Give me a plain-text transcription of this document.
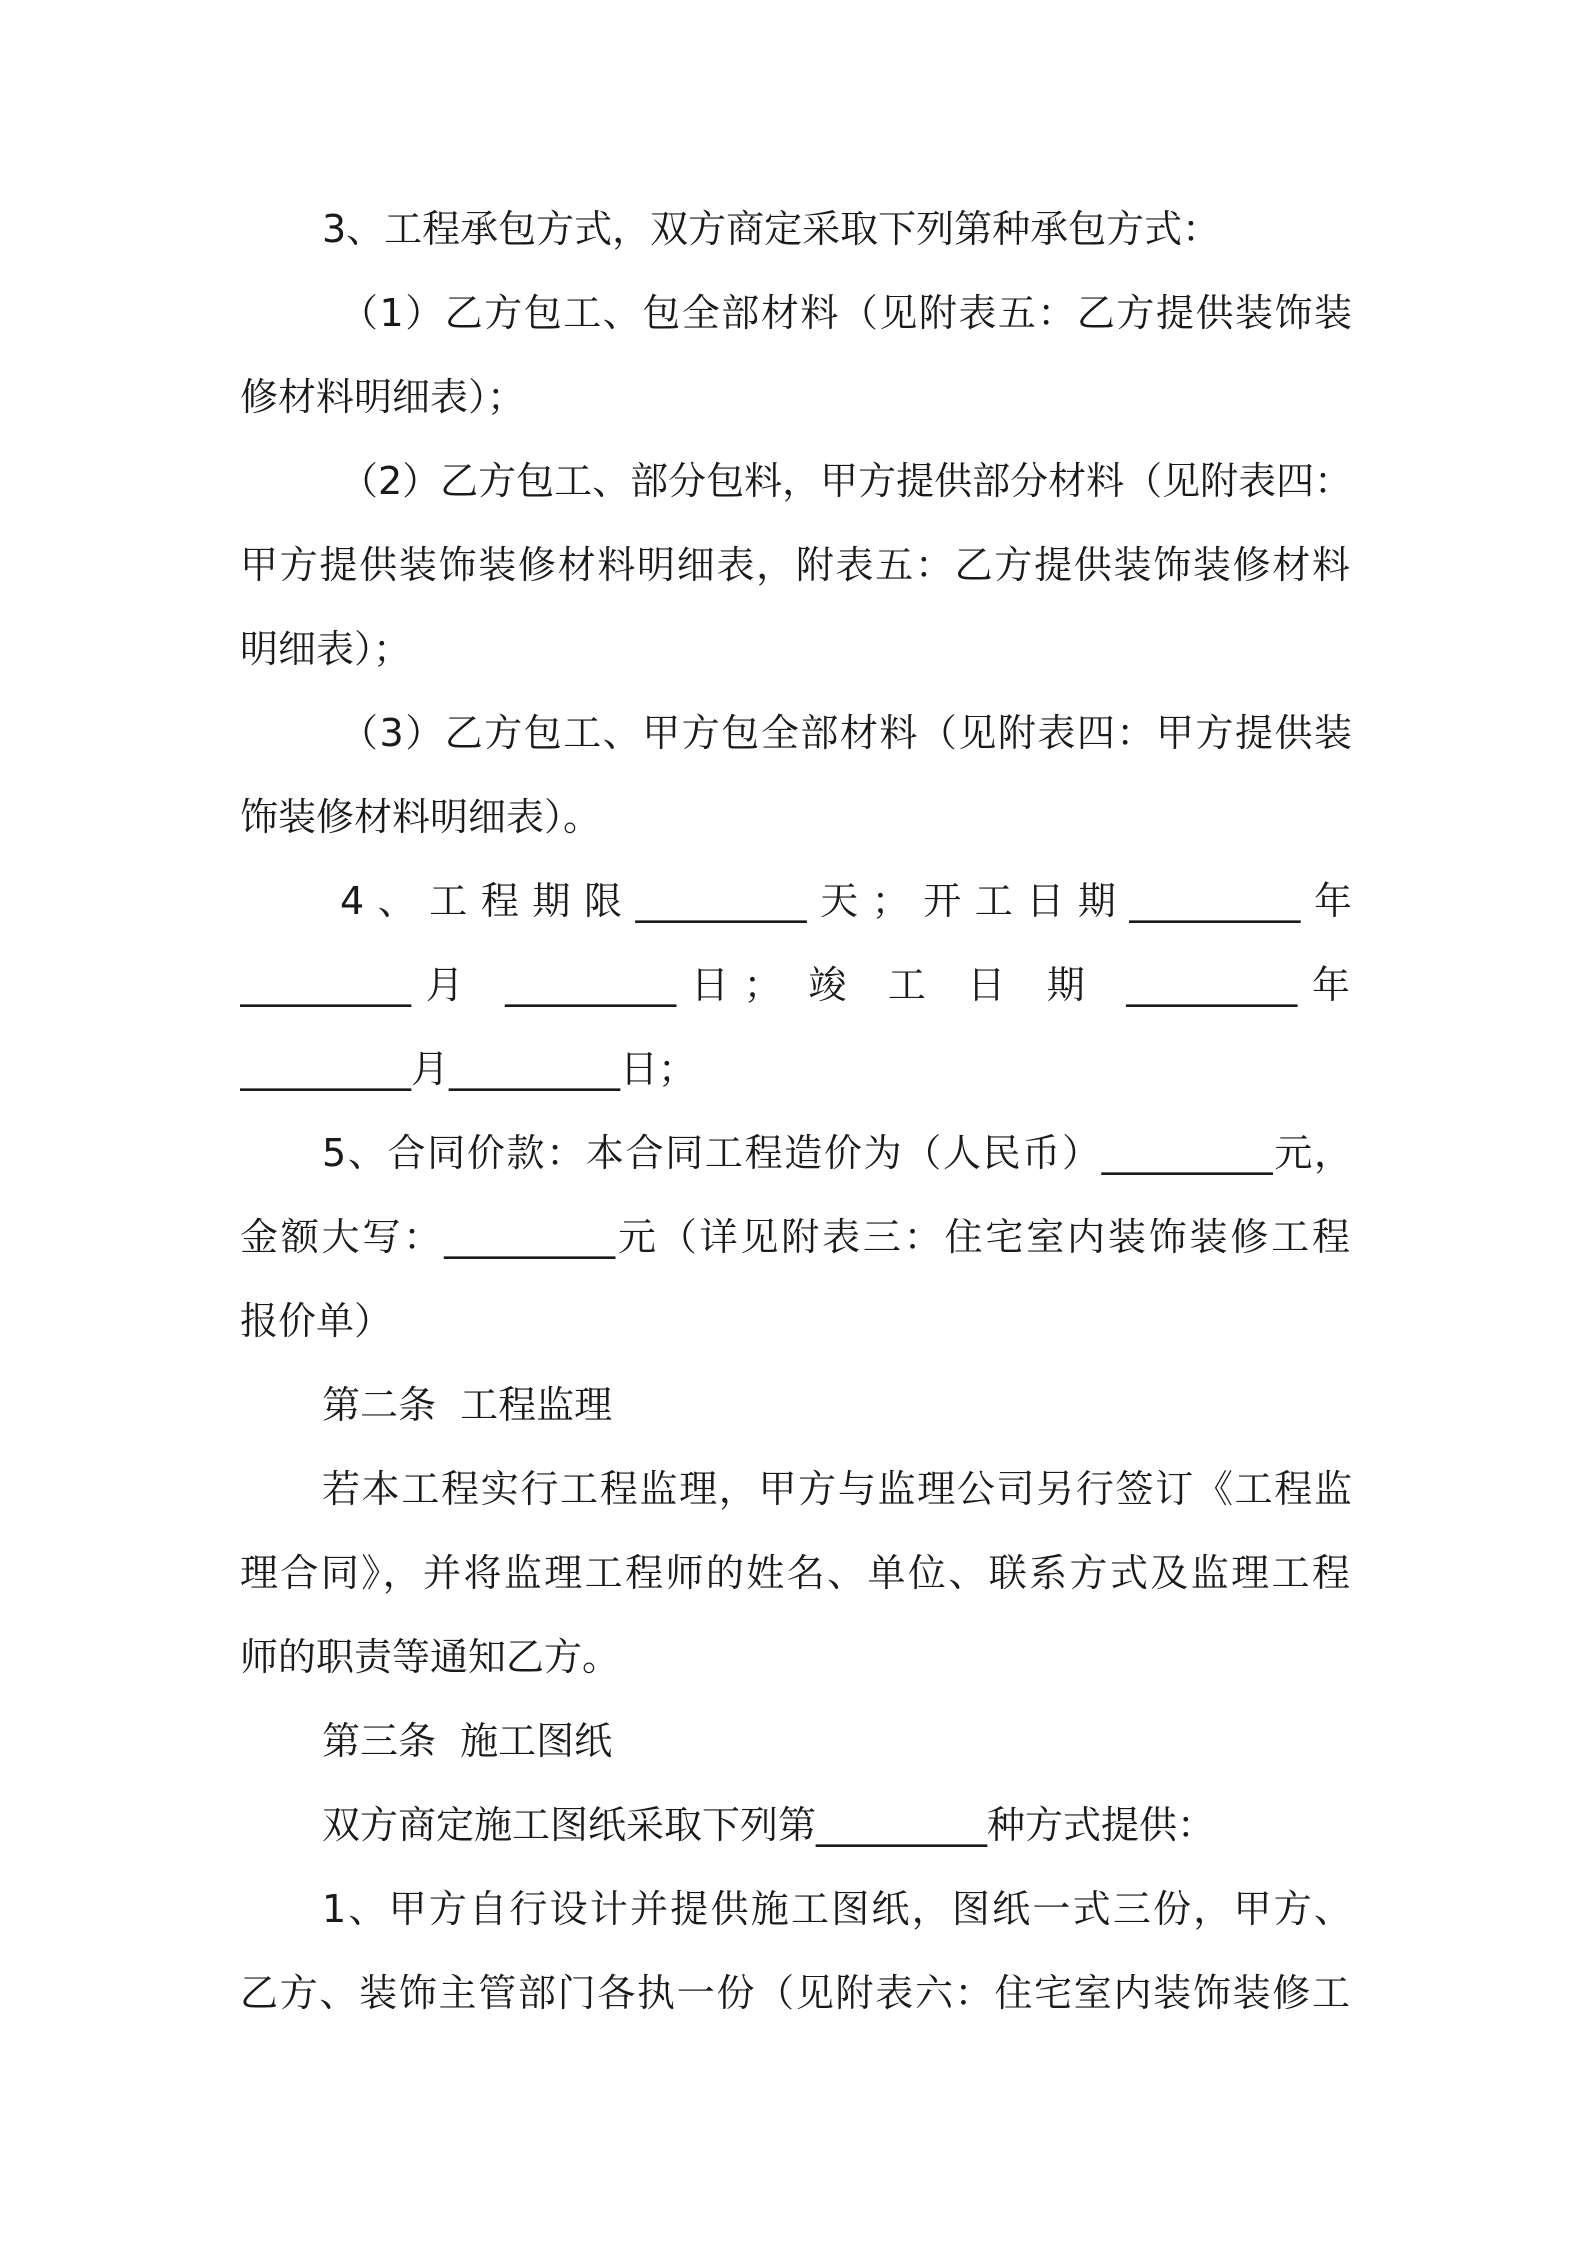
3、工程承包方式，双方商定采取下列第种承包方式：
（1）乙方包工、包全部材料（见附表五：乙方提供装饰装
修材料明细表）；
（2）乙方包工、部分包料，甲方提供部分材料（见附表四：
甲方提供装饰装修材料明细表，附表五：乙方提供装饰装修材料
明细表）；
（3）乙方包工、甲方包全部材料（见附表四：甲方提供装
饰装修材料明细表）。
4、工程期限_________天；开工日期_________年
_________月 _________日； 竣 工 日 期 _________年
_________月_________日；
5、合同价款：本合同工程造价为（人民币）_________元，
金额大写：_________元（详见附表三：住宅室内装饰装修工程
报价单）
第二条  工程监理
若本工程实行工程监理，甲方与监理公司另行签订《工程监
理合同》，并将监理工程师的姓名、单位、联系方式及监理工程
师的职责等通知乙方。
第三条  施工图纸
双方商定施工图纸采取下列第_________种方式提供：
1、甲方自行设计并提供施工图纸，图纸一式三份，甲方、
乙方、装饰主管部门各执一份（见附表六：住宅室内装饰装修工
